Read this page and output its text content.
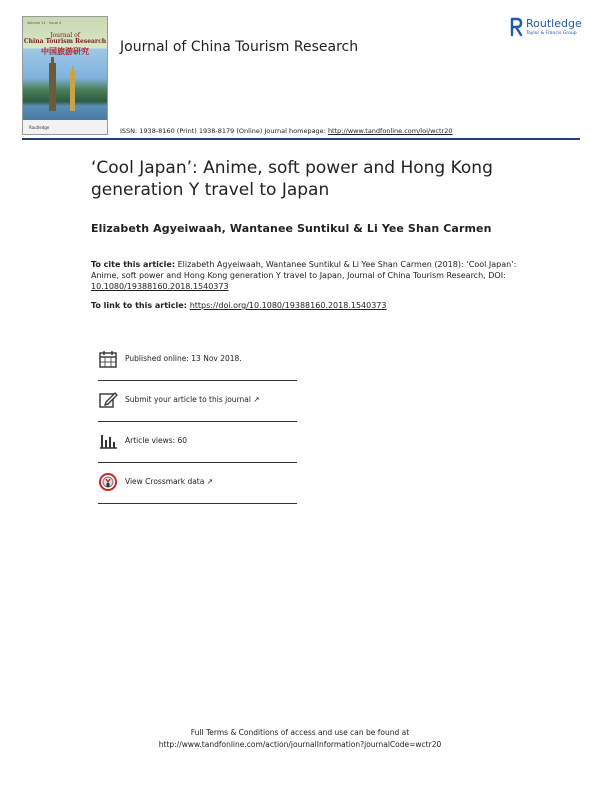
Volume 14 · Issue 4
Journal of
China Tourism Research
中国旅游研究
Routledge
Journal of China Tourism Research
Routledge
Taylor & Francis Group
ISSN: 1938-8160 (Print) 1938-8179 (Online) Journal homepage: http://www.tandfonline.com/loi/wctr20
‘Cool Japan’: Anime, soft power and Hong Kong generation Y travel to Japan
Elizabeth Agyeiwaah, Wantanee Suntikul & Li Yee Shan Carmen
To cite this article: Elizabeth Agyeiwaah, Wantanee Suntikul & Li Yee Shan Carmen (2018): ‘Cool Japan’: Anime, soft power and Hong Kong generation Y travel to Japan, Journal of China Tourism Research, DOI: 10.1080/19388160.2018.1540373
To link to this article: https://doi.org/10.1080/19388160.2018.1540373
Published online: 13 Nov 2018.
Submit your article to this journal ↗
Article views: 60
View Crossmark data ↗
Full Terms & Conditions of access and use can be found at
http://www.tandfonline.com/action/journalInformation?journalCode=wctr20
